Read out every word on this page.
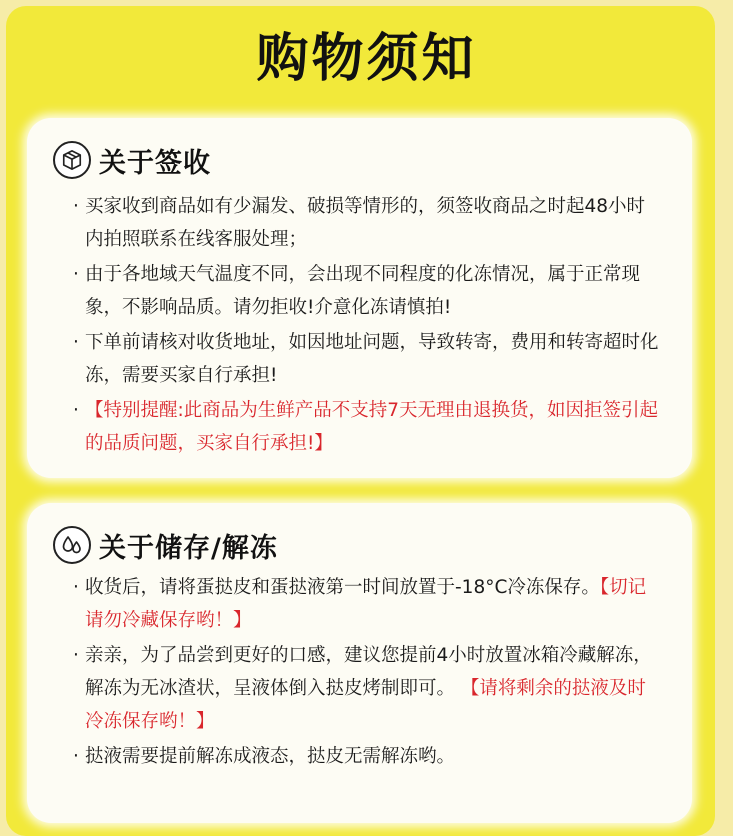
购物须知
关于签收
· 买家收到商品如有少漏发、破损等情形的，须签收商品之时起48小时内拍照联系在线客服处理；
· 由于各地域天气温度不同，会出现不同程度的化冻情况，属于正常现象，不影响品质。请勿拒收!介意化冻请慎拍!
· 下单前请核对收货地址，如因地址问题，导致转寄，费用和转寄超时化冻，需要买家自行承担!
· 【特别提醒:此商品为生鲜产品不支持7天无理由退换货，如因拒签引起的品质问题，买家自行承担!】
关于储存/解冻
· 收货后，请将蛋挞皮和蛋挞液第一时间放置于-18°C冷冻保存。【切记请勿冷藏保存哟！】
· 亲亲，为了品尝到更好的口感，建议您提前4小时放置冰箱冷藏解冻，解冻为无冰渣状，呈液体倒入挞皮烤制即可。 【请将剩余的挞液及时冷冻保存哟！】
· 挞液需要提前解冻成液态，挞皮无需解冻哟。
